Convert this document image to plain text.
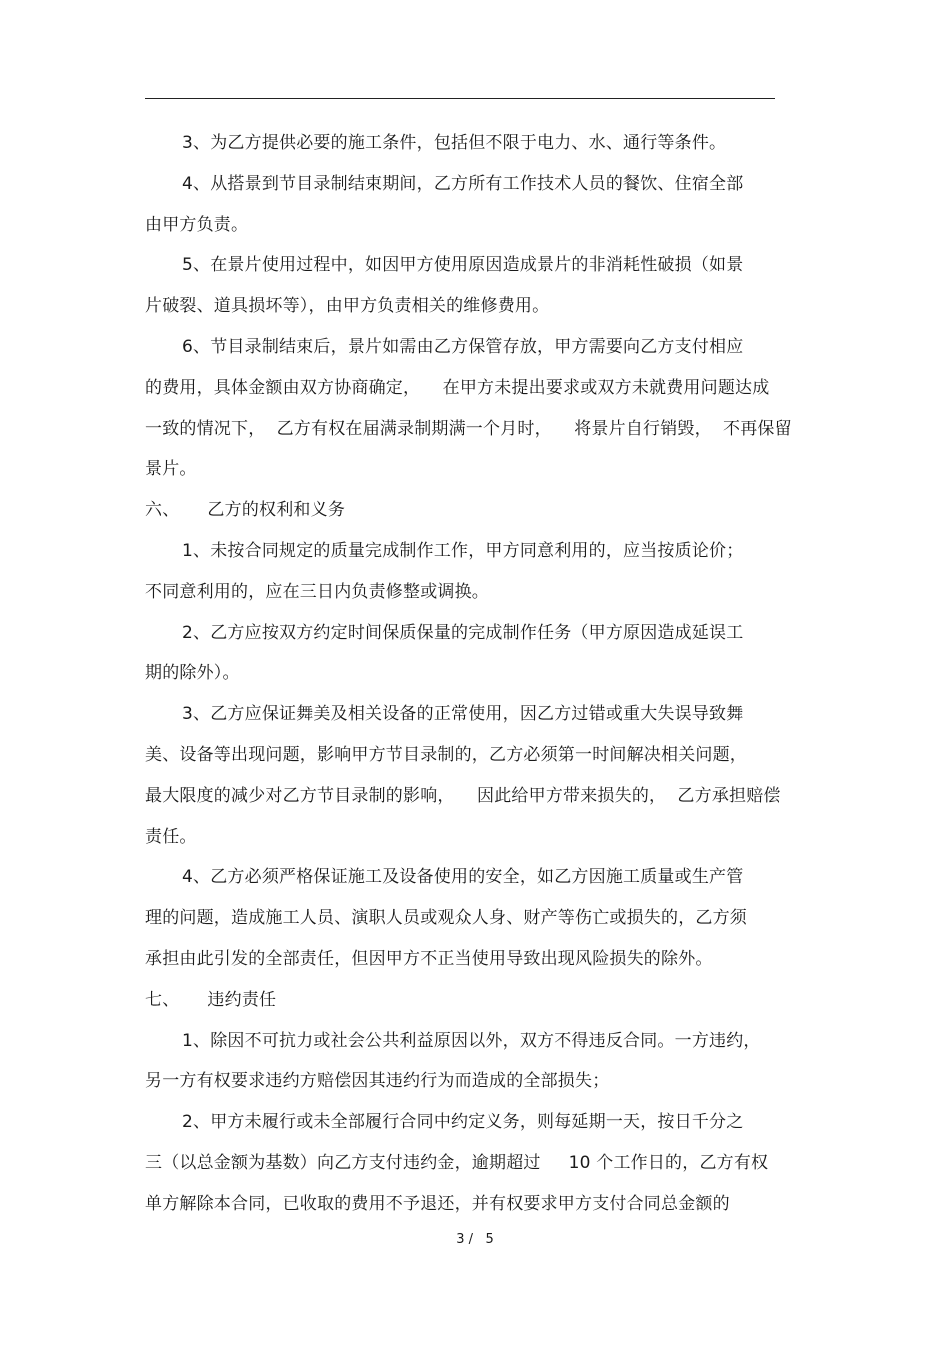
3、为乙方提供必要的施工条件，包括但不限于电力、水、通行等条件。
4、从搭景到节目录制结束期间，乙方所有工作技术人员的餐饮、住宿全部
由甲方负责。
5、在景片使用过程中，如因甲方使用原因造成景片的非消耗性破损（如景
片破裂、道具损坏等），由甲方负责相关的维修费用。
6、节目录制结束后，景片如需由乙方保管存放，甲方需要向乙方支付相应
的费用，具体金额由双方协商确定，    在甲方未提出要求或双方未就费用问题达成
一致的情况下，  乙方有权在届满录制期满一个月时，    将景片自行销毁，  不再保留
景片。
六、     乙方的权利和义务
1、未按合同规定的质量完成制作工作，甲方同意利用的，应当按质论价；
不同意利用的，应在三日内负责修整或调换。
2、乙方应按双方约定时间保质保量的完成制作任务（甲方原因造成延误工
期的除外）。
3、乙方应保证舞美及相关设备的正常使用，因乙方过错或重大失误导致舞
美、设备等出现问题，影响甲方节目录制的，乙方必须第一时间解决相关问题，
最大限度的减少对乙方节目录制的影响，    因此给甲方带来损失的，  乙方承担赔偿
责任。
4、乙方必须严格保证施工及设备使用的安全，如乙方因施工质量或生产管
理的问题，造成施工人员、演职人员或观众人身、财产等伤亡或损失的，乙方须
承担由此引发的全部责任，但因甲方不正当使用导致出现风险损失的除外。
七、     违约责任
1、除因不可抗力或社会公共利益原因以外，双方不得违反合同。一方违约，
另一方有权要求违约方赔偿因其违约行为而造成的全部损失；
2、甲方未履行或未全部履行合同中约定义务，则每延期一天，按日千分之
三（以总金额为基数）向乙方支付违约金，逾期超过     10 个工作日的，乙方有权
单方解除本合同，已收取的费用不予退还，并有权要求甲方支付合同总金额的
3 /   5
